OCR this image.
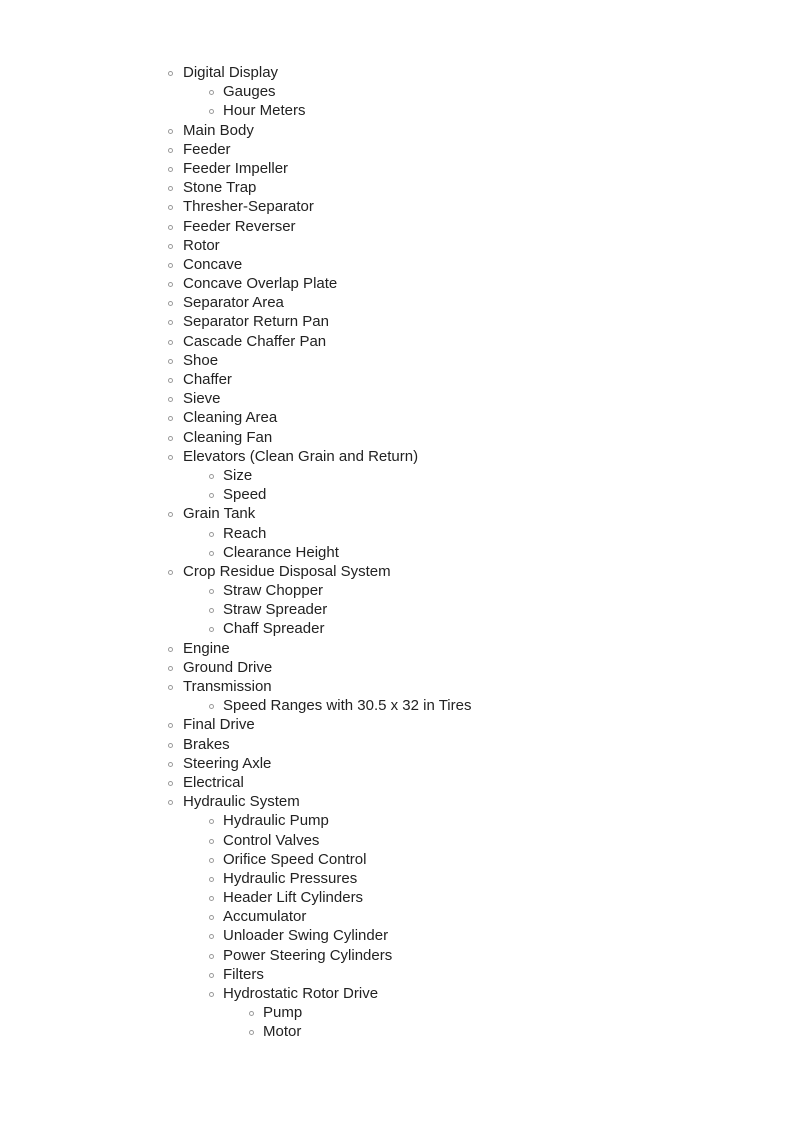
Digital Display
Gauges
Hour Meters
Main Body
Feeder
Feeder Impeller
Stone Trap
Thresher-Separator
Feeder Reverser
Rotor
Concave
Concave Overlap Plate
Separator Area
Separator Return Pan
Cascade Chaffer Pan
Shoe
Chaffer
Sieve
Cleaning Area
Cleaning Fan
Elevators (Clean Grain and Return)
Size
Speed
Grain Tank
Reach
Clearance Height
Crop Residue Disposal System
Straw Chopper
Straw Spreader
Chaff Spreader
Engine
Ground Drive
Transmission
Speed Ranges with 30.5 x 32 in Tires
Final Drive
Brakes
Steering Axle
Electrical
Hydraulic System
Hydraulic Pump
Control Valves
Orifice Speed Control
Hydraulic Pressures
Header Lift Cylinders
Accumulator
Unloader Swing Cylinder
Power Steering Cylinders
Filters
Hydrostatic Rotor Drive
Pump
Motor
